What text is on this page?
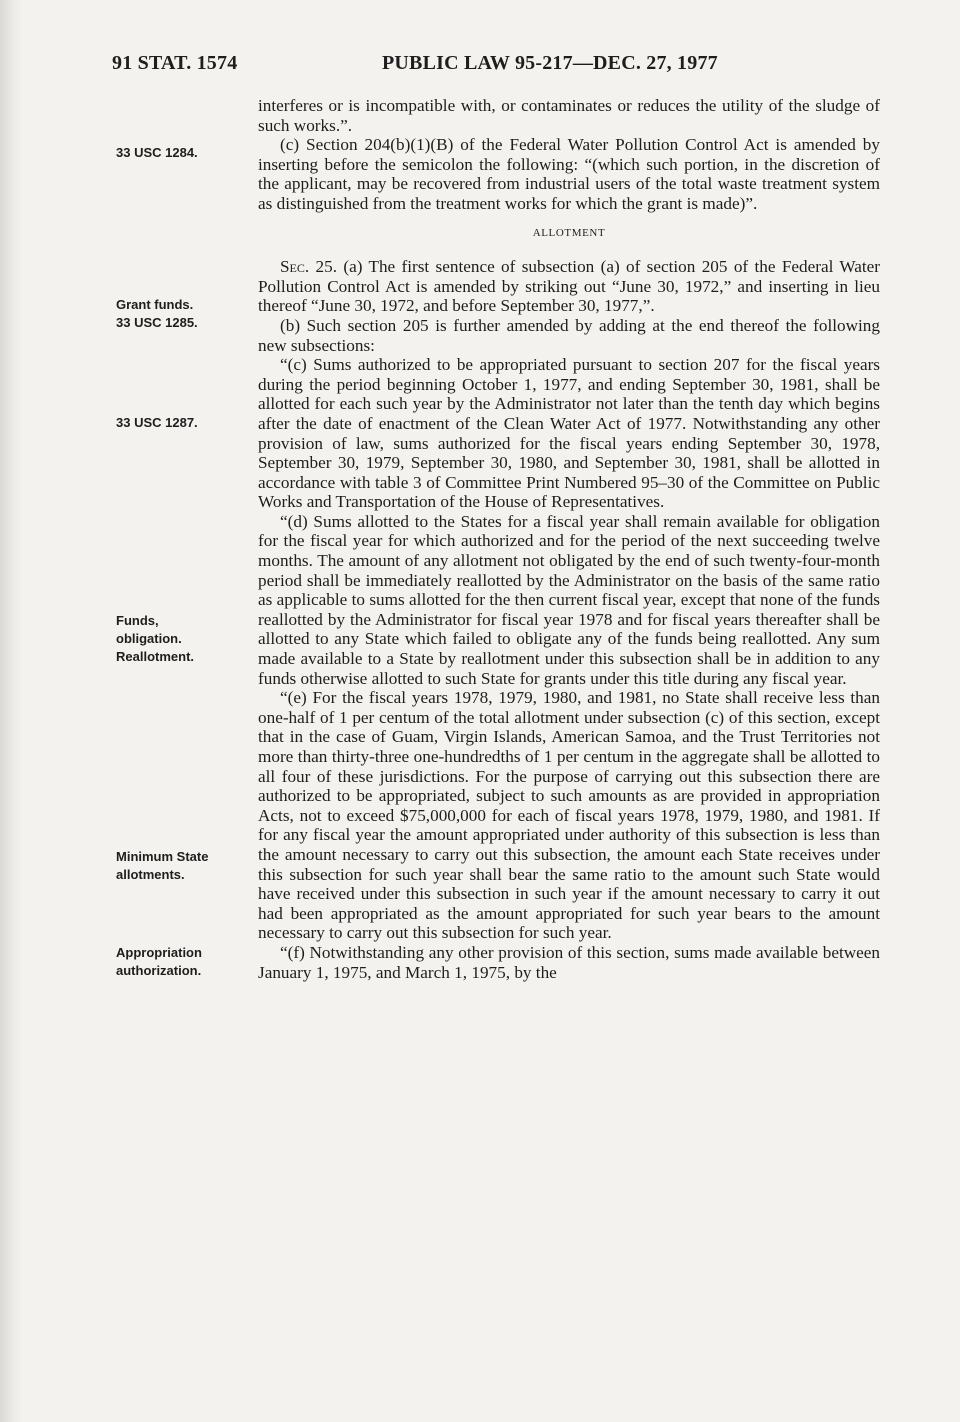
91 STAT. 1574	PUBLIC LAW 95-217—DEC. 27, 1977
33 USC 1284.
Grant funds.
33 USC 1285.
33 USC 1287.
Funds,
obligation.
Reallotment.
Minimum State
allotments.
Appropriation
authorization.

interferes or is incompatible with, or contaminates or reduces the utility of the sludge of such works.”.

(c) Section 204(b)(1)(B) of the Federal Water Pollution Control Act is amended by inserting before the semicolon the following: “(which such portion, in the discretion of the applicant, may be recovered from industrial users of the total waste treatment system as distinguished from the treatment works for which the grant is made)”.

ALLOTMENT

Sec. 25. (a) The first sentence of subsection (a) of section 205 of the Federal Water Pollution Control Act is amended by striking out “June 30, 1972,” and inserting in lieu thereof “June 30, 1972, and before September 30, 1977,”.

(b) Such section 205 is further amended by adding at the end thereof the following new subsections:

“(c) Sums authorized to be appropriated pursuant to section 207 for the fiscal years during the period beginning October 1, 1977, and ending September 30, 1981, shall be allotted for each such year by the Administrator not later than the tenth day which begins after the date of enactment of the Clean Water Act of 1977. Notwithstanding any other provision of law, sums authorized for the fiscal years ending September 30, 1978, September 30, 1979, September 30, 1980, and September 30, 1981, shall be allotted in accordance with table 3 of Committee Print Numbered 95–30 of the Committee on Public Works and Transportation of the House of Representatives.

“(d) Sums allotted to the States for a fiscal year shall remain available for obligation for the fiscal year for which authorized and for the period of the next succeeding twelve months. The amount of any allotment not obligated by the end of such twenty-four-month period shall be immediately reallotted by the Administrator on the basis of the same ratio as applicable to sums allotted for the then current fiscal year, except that none of the funds reallotted by the Administrator for fiscal year 1978 and for fiscal years thereafter shall be allotted to any State which failed to obligate any of the funds being reallotted. Any sum made available to a State by reallotment under this subsection shall be in addition to any funds otherwise allotted to such State for grants under this title during any fiscal year.

“(e) For the fiscal years 1978, 1979, 1980, and 1981, no State shall receive less than one-half of 1 per centum of the total allotment under subsection (c) of this section, except that in the case of Guam, Virgin Islands, American Samoa, and the Trust Territories not more than thirty-three one-hundredths of 1 per centum in the aggregate shall be allotted to all four of these jurisdictions. For the purpose of carrying out this subsection there are authorized to be appropriated, subject to such amounts as are provided in appropriation Acts, not to exceed $75,000,000 for each of fiscal years 1978, 1979, 1980, and 1981. If for any fiscal year the amount appropriated under authority of this subsection is less than the amount necessary to carry out this subsection, the amount each State receives under this subsection for such year shall bear the same ratio to the amount such State would have received under this subsection in such year if the amount necessary to carry it out had been appropriated as the amount appropriated for such year bears to the amount necessary to carry out this subsection for such year.

“(f) Notwithstanding any other provision of this section, sums made available between January 1, 1975, and March 1, 1975, by the
